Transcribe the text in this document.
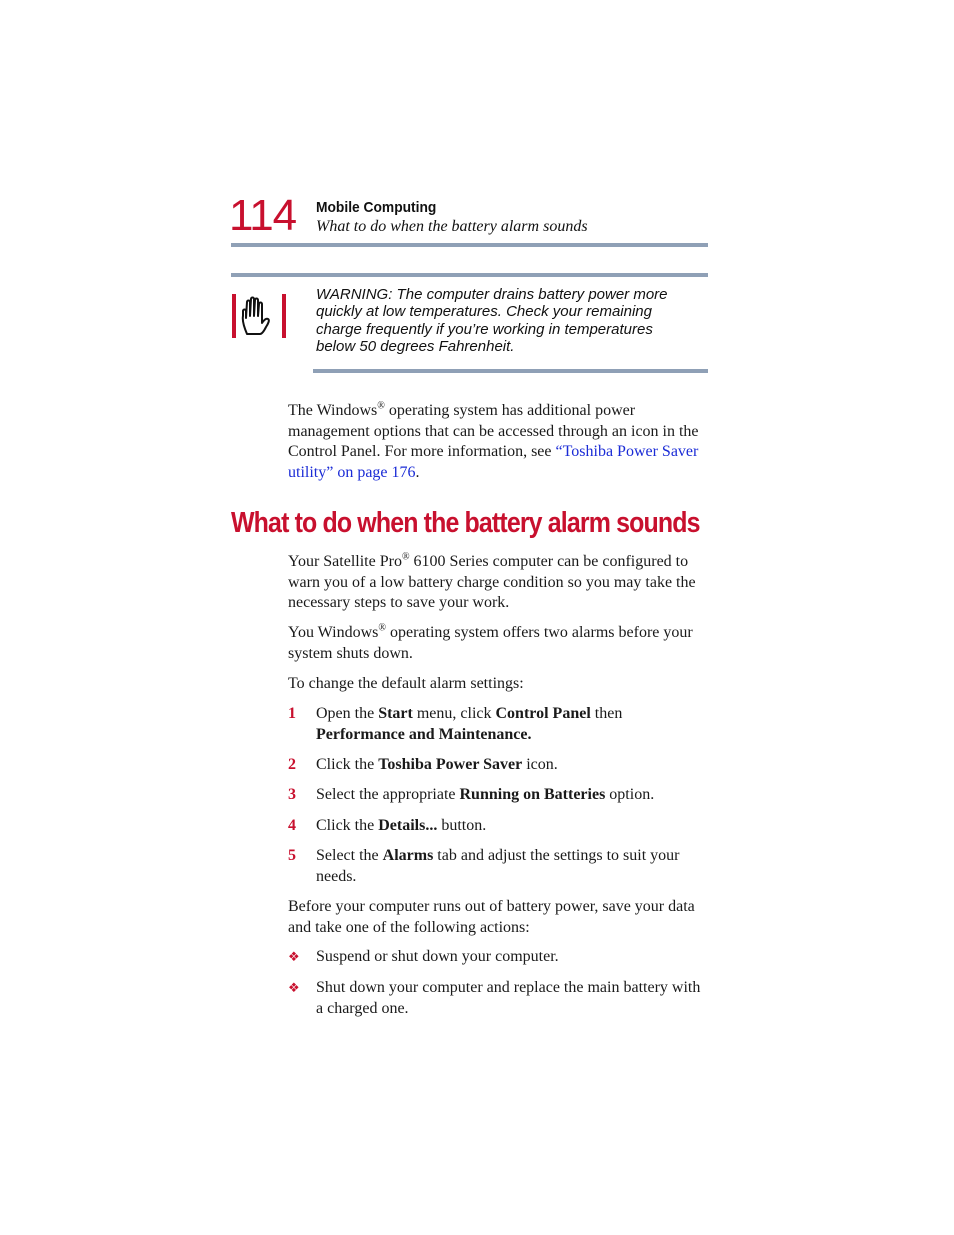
114 Mobile Computing
What to do when the battery alarm sounds
WARNING: The computer drains battery power more quickly at low temperatures. Check your remaining charge frequently if you’re working in temperatures below 50 degrees Fahrenheit.

The Windows® operating system has additional power management options that can be accessed through an icon in the Control Panel. For more information, see “Toshiba Power Saver utility” on page 176.

What to do when the battery alarm sounds

Your Satellite Pro® 6100 Series computer can be configured to warn you of a low battery charge condition so you may take the necessary steps to save your work.

You Windows® operating system offers two alarms before your system shuts down.

To change the default alarm settings:

1 Open the Start menu, click Control Panel then
Performance and Maintenance.
2 Click the Toshiba Power Saver icon.
3 Select the appropriate Running on Batteries option.
4 Click the Details... button.
5 Select the Alarms tab and adjust the settings to suit your needs.

Before your computer runs out of battery power, save your data and take one of the following actions:

❖ Suspend or shut down your computer.
❖ Shut down your computer and replace the main battery with a charged one.
